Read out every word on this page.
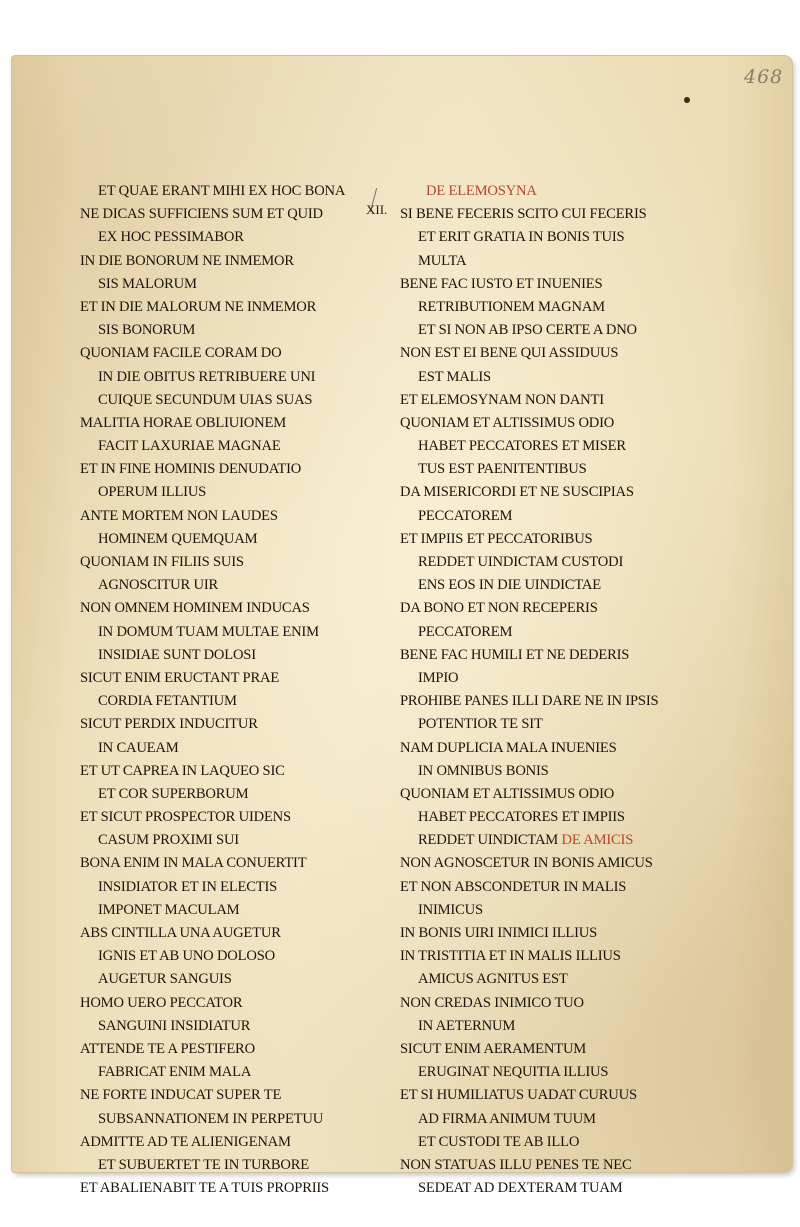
468
XII.
ET QUAE ERANT MIHI EX HOC BONA
NE DICAS SUFFICIENS SUM ET QUID
EX HOC PESSIMABOR
IN DIE BONORUM NE INMEMOR
SIS MALORUM
ET IN DIE MALORUM NE INMEMOR
SIS BONORUM
QUONIAM FACILE CORAM DO
IN DIE OBITUS RETRIBUERE UNI
CUIQUE SECUNDUM UIAS SUAS
MALITIA HORAE OBLIUIONEM
FACIT LAXURIAE MAGNAE
ET IN FINE HOMINIS DENUDATIO
OPERUM ILLIUS
ANTE MORTEM NON LAUDES
HOMINEM QUEMQUAM
QUONIAM IN FILIIS SUIS
AGNOSCITUR UIR
NON OMNEM HOMINEM INDUCAS
IN DOMUM TUAM MULTAE ENIM
INSIDIAE SUNT DOLOSI
SICUT ENIM ERUCTANT PRAE
CORDIA FETANTIUM
SICUT PERDIX INDUCITUR
IN CAUEAM
ET UT CAPREA IN LAQUEO SIC
ET COR SUPERBORUM
ET SICUT PROSPECTOR UIDENS
CASUM PROXIMI SUI
BONA ENIM IN MALA CONUERTIT
INSIDIATOR ET IN ELECTIS
IMPONET MACULAM
ABS CINTILLA UNA AUGETUR
IGNIS ET AB UNO DOLOSO
AUGETUR SANGUIS
HOMO UERO PECCATOR
SANGUINI INSIDIATUR
ATTENDE TE A PESTIFERO
FABRICAT ENIM MALA
NE FORTE INDUCAT SUPER TE
SUBSANNATIONEM IN PERPETUU
ADMITTE AD TE ALIENIGENAM
ET SUBUERTET TE IN TURBORE
ET ABALIENABIT TE A TUIS PROPRIIS
DE ELEMOSYNA
SI BENE FECERIS SCITO CUI FECERIS
ET ERIT GRATIA IN BONIS TUIS
MULTA
BENE FAC IUSTO ET INUENIES
RETRIBUTIONEM MAGNAM
ET SI NON AB IPSO CERTE A DNO
NON EST EI BENE QUI ASSIDUUS
EST MALIS
ET ELEMOSYNAM NON DANTI
QUONIAM ET ALTISSIMUS ODIO
HABET PECCATORES ET MISER
TUS EST PAENITENTIBUS
DA MISERICORDI ET NE SUSCIPIAS
PECCATOREM
ET IMPIIS ET PECCATORIBUS
REDDET UINDICTAM CUSTODI
ENS EOS IN DIE UINDICTAE
DA BONO ET NON RECEPERIS
PECCATOREM
BENE FAC HUMILI ET NE DEDERIS
IMPIO
PROHIBE PANES ILLI DARE NE IN IPSIS
POTENTIOR TE SIT
NAM DUPLICIA MALA INUENIES
IN OMNIBUS BONIS
QUONIAM ET ALTISSIMUS ODIO
HABET PECCATORES ET IMPIIS
REDDET UINDICTAM DE AMICIS
NON AGNOSCETUR IN BONIS AMICUS
ET NON ABSCONDETUR IN MALIS
INIMICUS
IN BONIS UIRI INIMICI ILLIUS
IN TRISTITIA ET IN MALIS ILLIUS
AMICUS AGNITUS EST
NON CREDAS INIMICO TUO
IN AETERNUM
SICUT ENIM AERAMENTUM
ERUGINAT NEQUITIA ILLIUS
ET SI HUMILIATUS UADAT CURUUS
AD FIRMA ANIMUM TUUM
ET CUSTODI TE AB ILLO
NON STATUAS ILLU PENES TE NEC
SEDEAT AD DEXTERAM TUAM
